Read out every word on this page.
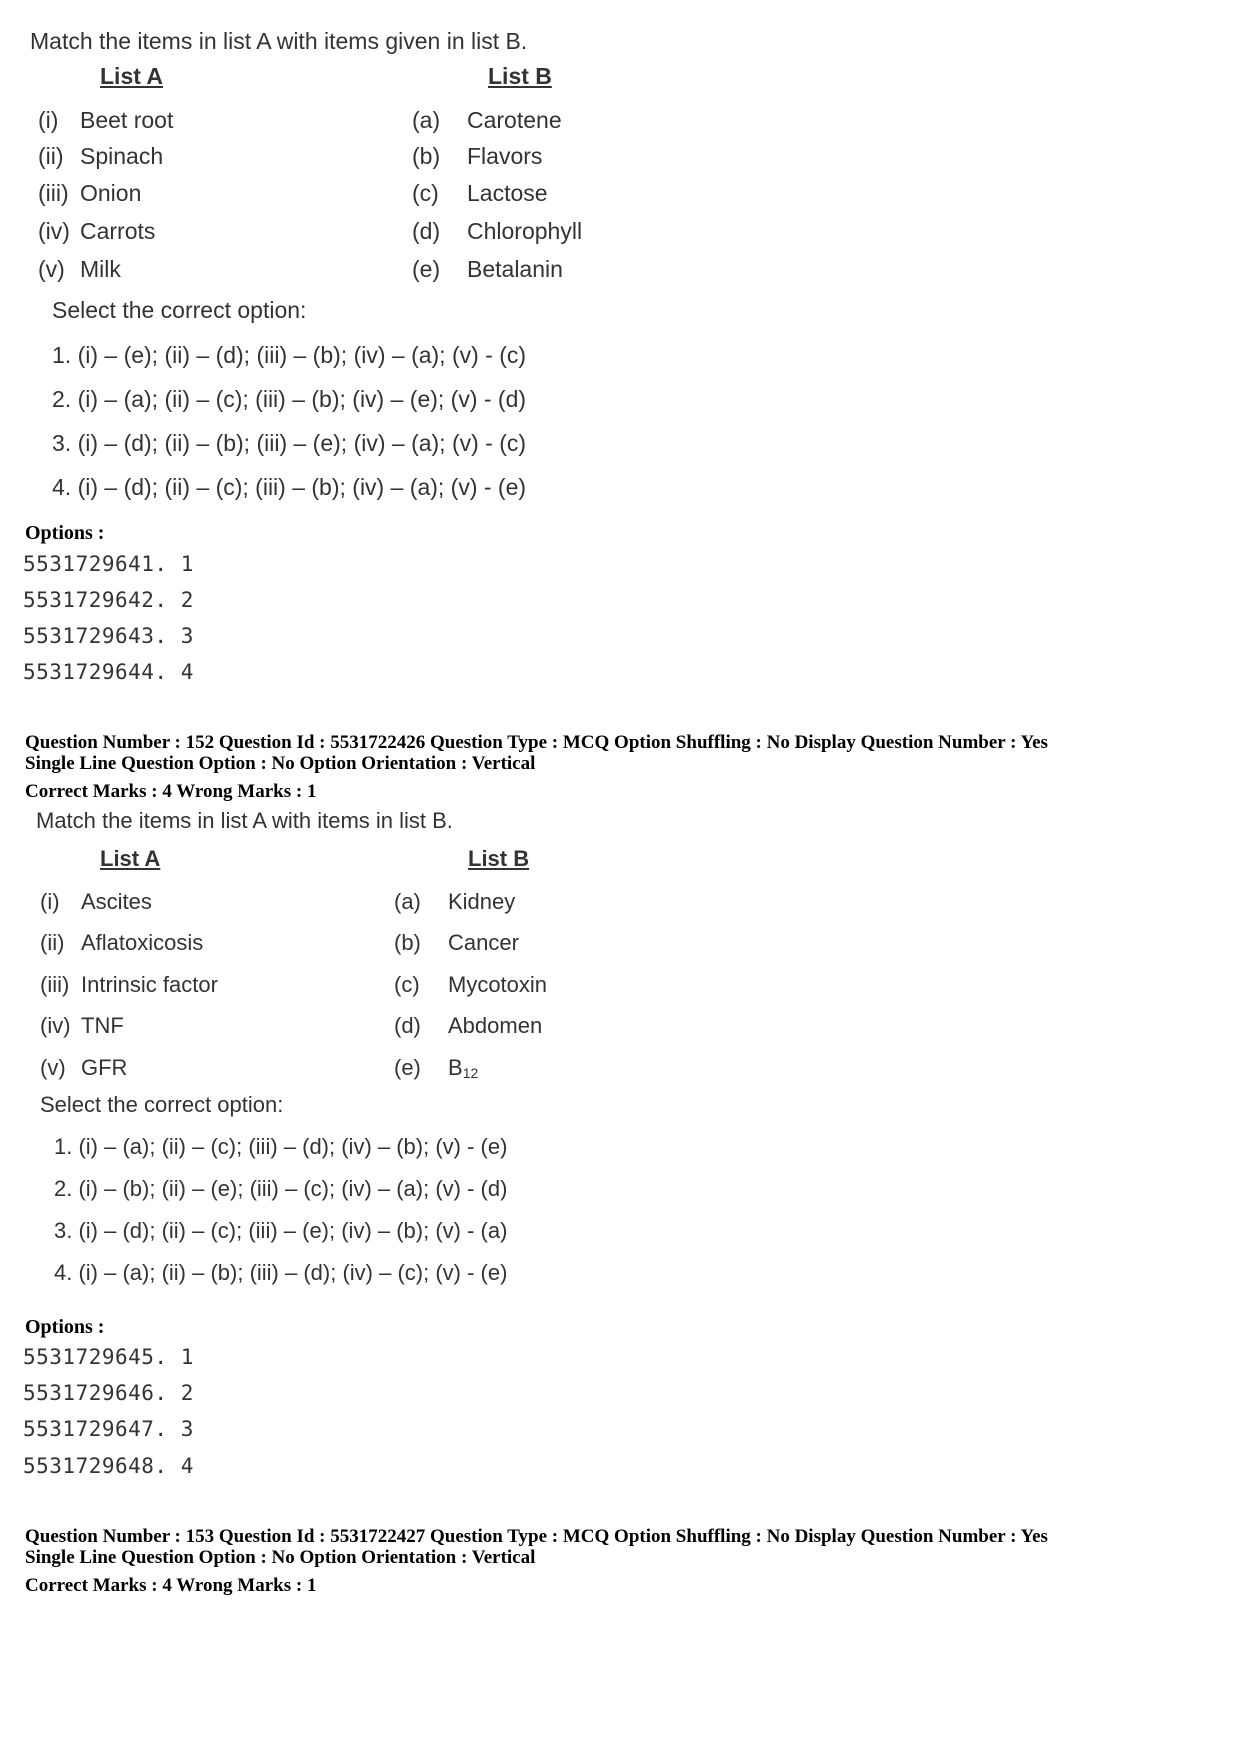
Match the items in list A with items given in list B.
List A	List B
(i) Beet root
(ii) Spinach
(iii) Onion
(iv) Carrots
(v) Milk
(a) Carotene
(b) Flavors
(c) Lactose
(d) Chlorophyll
(e) Betalanin
Select the correct option:
1. (i) – (e); (ii) – (d); (iii) – (b); (iv) – (a); (v) - (c)
2. (i) – (a); (ii) – (c); (iii) – (b); (iv) – (e); (v) - (d)
3. (i) – (d); (ii) – (b); (iii) – (e); (iv) – (a); (v) - (c)
4. (i) – (d); (ii) – (c); (iii) – (b); (iv) – (a); (v) - (e)
Options :
5531729641. 1
5531729642. 2
5531729643. 3
5531729644. 4
Question Number : 152 Question Id : 5531722426 Question Type : MCQ Option Shuffling : No Display Question Number : Yes
Single Line Question Option : No Option Orientation : Vertical
Correct Marks : 4 Wrong Marks : 1
Match the items in list A with items in list B.
List A	List B
(i) Ascites
(ii) Aflatoxicosis
(iii) Intrinsic factor
(iv) TNF
(v) GFR
(a) Kidney
(b) Cancer
(c) Mycotoxin
(d) Abdomen
(e) $B_{12}$
Select the correct option:
1. (i) – (a); (ii) – (c); (iii) – (d); (iv) – (b); (v) - (e)
2. (i) – (b); (ii) – (e); (iii) – (c); (iv) – (a); (v) - (d)
3. (i) – (d); (ii) – (c); (iii) – (e); (iv) – (b); (v) - (a)
4. (i) – (a); (ii) – (b); (iii) – (d); (iv) – (c); (v) - (e)
Options :
5531729645. 1
5531729646. 2
5531729647. 3
5531729648. 4
Question Number : 153 Question Id : 5531722427 Question Type : MCQ Option Shuffling : No Display Question Number : Yes
Single Line Question Option : No Option Orientation : Vertical
Correct Marks : 4 Wrong Marks : 1
